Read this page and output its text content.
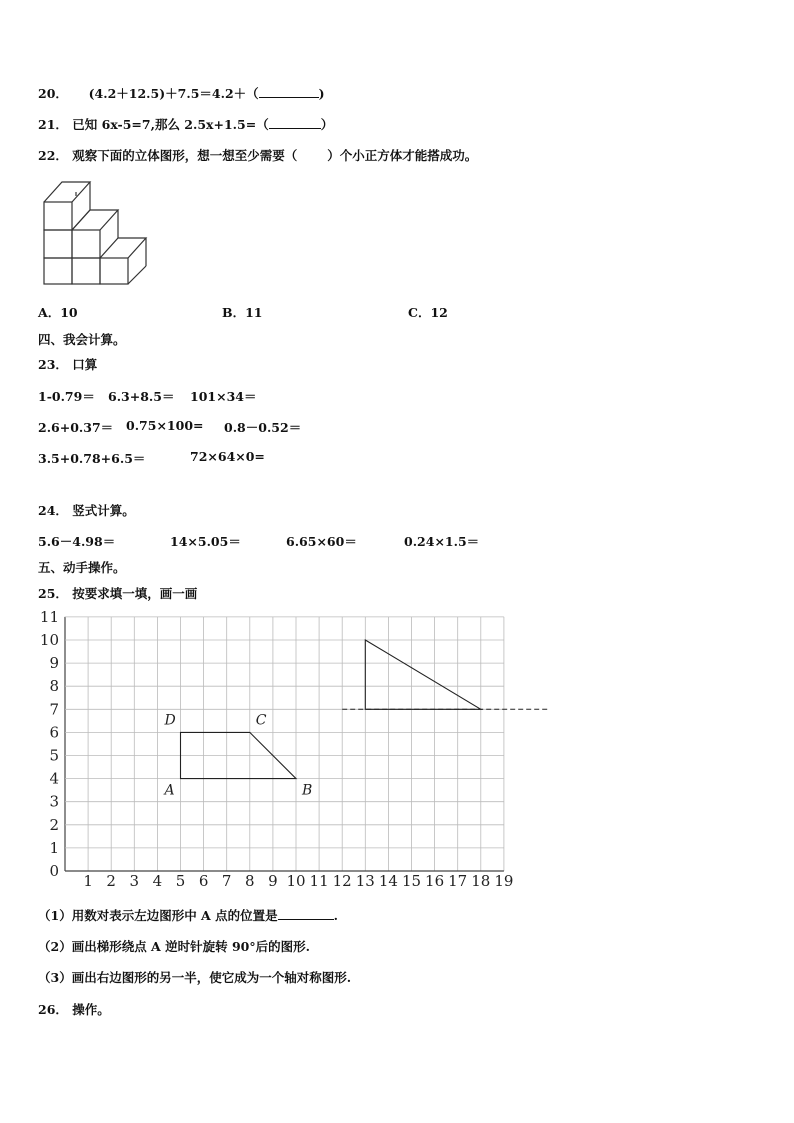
20． (4.2＋12.5)＋7.5＝4.2＋（	)
21． 已知 6x-5=7,那么 2.5x+1.5=（	）
22． 观察下面的立体图形，想一想至少需要（ ）个小正方体才能搭成功。
A．10	B．11	C．12
四、我会计算。
23． 口算
1-0.79＝ 6.3+8.5＝ 101×34＝
2.6+0.37＝ 0.75×100= 0.8－0.52＝
3.5+0.78+6.5＝	72×64×0=
24． 竖式计算。
5.6－4.98＝	14×5.05＝	6.65×60＝	0.24×1.5＝
五、动手操作。
25． 按要求填一填，画一画
1 2 3 4 5 6 7 8 9 10 11 12 13 14 15 16 17 18 19
0
1
2
3
4
5
6
7
8
9
10
11
A	B
C
D
（1）用数对表示左边图形中 A 点的位置是	.
（2）画出梯形绕点 A 逆时针旋转 90°后的图形.
（3）画出右边图形的另一半，使它成为一个轴对称图形.
26． 操作。
